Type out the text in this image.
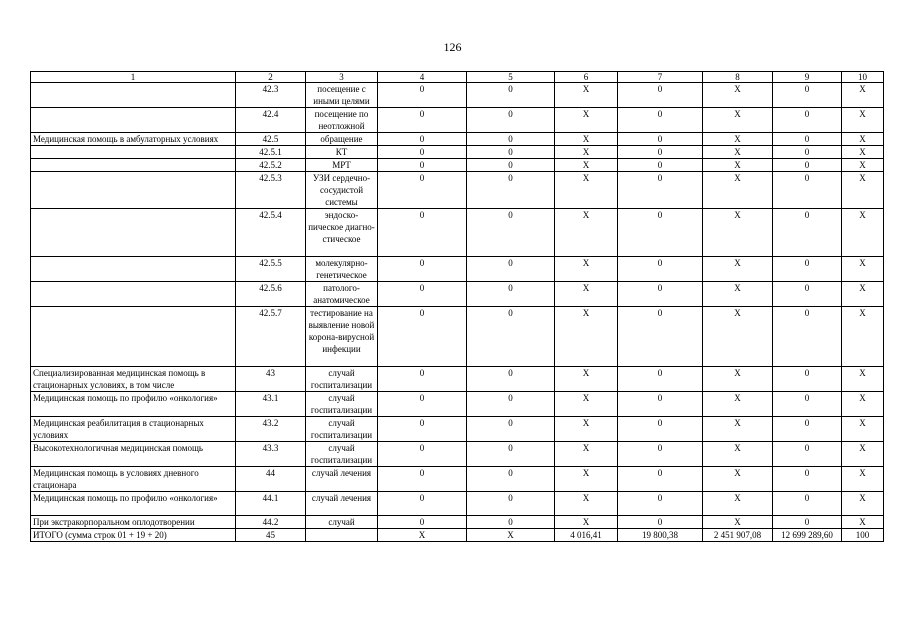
126
1	2	3	4	5	6	7	8	9	10
	42.3	посещение с иными целями	0	0	Х	0	Х	0	Х
	42.4	посещение по неотложной	0	0	Х	0	Х	0	Х
Медицинская помощь в амбулаторных условиях	42.5	обращение	0	0	Х	0	Х	0	Х
	42.5.1	КТ	0	0	Х	0	Х	0	Х
	42.5.2	МРТ	0	0	Х	0	Х	0	Х
	42.5.3	УЗИ сердечно-сосудистой системы	0	0	Х	0	Х	0	Х
	42.5.4	эндоско-пическое диагно-стическое	0	0	Х	0	Х	0	Х
	42.5.5	молекулярно-генетическое	0	0	Х	0	Х	0	Х
	42.5.6	патолого-анатомическое	0	0	Х	0	Х	0	Х
	42.5.7	тестирование на выявление новой корона-вирусной инфекции	0	0	Х	0	Х	0	Х
Специализированная медицинская помощь в стационарных условиях, в том числе	43	случай госпитализации	0	0	Х	0	Х	0	Х
Медицинская помощь по профилю «онкология»	43.1	случай госпитализации	0	0	Х	0	Х	0	Х
Медицинская реабилитация в стационарных условиях	43.2	случай госпитализации	0	0	Х	0	Х	0	Х
Высокотехнологичная медицинская помощь	43.3	случай госпитализации	0	0	Х	0	Х	0	Х
Медицинская помощь в условиях дневного стационара	44	случай лечения	0	0	Х	0	Х	0	Х
Медицинская помощь по профилю «онкология»	44.1	случай лечения	0	0	Х	0	Х	0	Х
При экстракорпоральном оплодотворении	44.2	случай	0	0	Х	0	Х	0	Х
ИТОГО (сумма строк 01 + 19 + 20)	45		Х	Х	4 016,41	19 800,38	2 451 907,08	12 699 289,60	100
